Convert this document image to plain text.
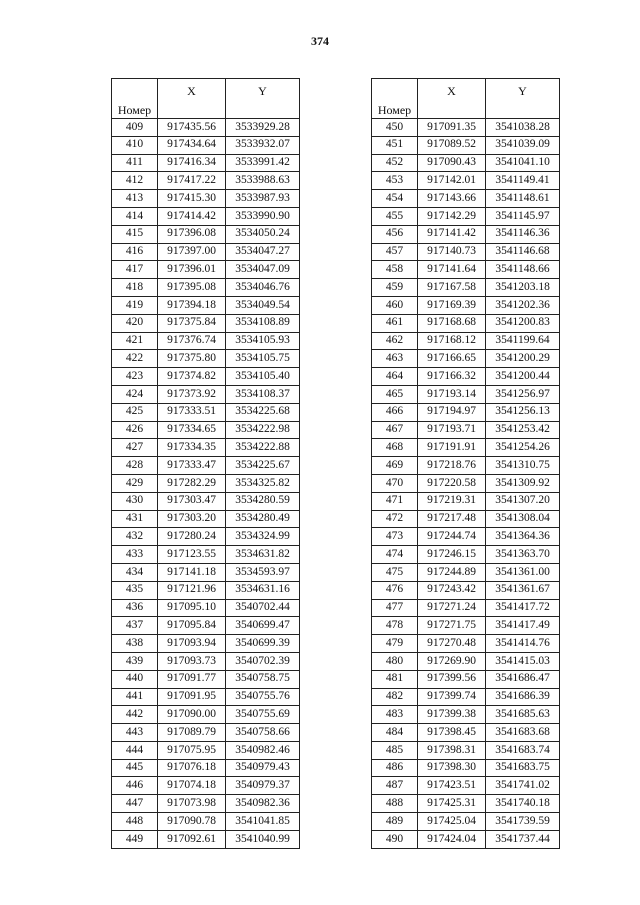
374
Номер	X	Y
409	917435.56	3533929.28
410	917434.64	3533932.07
411	917416.34	3533991.42
412	917417.22	3533988.63
413	917415.30	3533987.93
414	917414.42	3533990.90
415	917396.08	3534050.24
416	917397.00	3534047.27
417	917396.01	3534047.09
418	917395.08	3534046.76
419	917394.18	3534049.54
420	917375.84	3534108.89
421	917376.74	3534105.93
422	917375.80	3534105.75
423	917374.82	3534105.40
424	917373.92	3534108.37
425	917333.51	3534225.68
426	917334.65	3534222.98
427	917334.35	3534222.88
428	917333.47	3534225.67
429	917282.29	3534325.82
430	917303.47	3534280.59
431	917303.20	3534280.49
432	917280.24	3534324.99
433	917123.55	3534631.82
434	917141.18	3534593.97
435	917121.96	3534631.16
436	917095.10	3540702.44
437	917095.84	3540699.47
438	917093.94	3540699.39
439	917093.73	3540702.39
440	917091.77	3540758.75
441	917091.95	3540755.76
442	917090.00	3540755.69
443	917089.79	3540758.66
444	917075.95	3540982.46
445	917076.18	3540979.43
446	917074.18	3540979.37
447	917073.98	3540982.36
448	917090.78	3541041.85
449	917092.61	3541040.99
Номер	X	Y
450	917091.35	3541038.28
451	917089.52	3541039.09
452	917090.43	3541041.10
453	917142.01	3541149.41
454	917143.66	3541148.61
455	917142.29	3541145.97
456	917141.42	3541146.36
457	917140.73	3541146.68
458	917141.64	3541148.66
459	917167.58	3541203.18
460	917169.39	3541202.36
461	917168.68	3541200.83
462	917168.12	3541199.64
463	917166.65	3541200.29
464	917166.32	3541200.44
465	917193.14	3541256.97
466	917194.97	3541256.13
467	917193.71	3541253.42
468	917191.91	3541254.26
469	917218.76	3541310.75
470	917220.58	3541309.92
471	917219.31	3541307.20
472	917217.48	3541308.04
473	917244.74	3541364.36
474	917246.15	3541363.70
475	917244.89	3541361.00
476	917243.42	3541361.67
477	917271.24	3541417.72
478	917271.75	3541417.49
479	917270.48	3541414.76
480	917269.90	3541415.03
481	917399.56	3541686.47
482	917399.74	3541686.39
483	917399.38	3541685.63
484	917398.45	3541683.68
485	917398.31	3541683.74
486	917398.30	3541683.75
487	917423.51	3541741.02
488	917425.31	3541740.18
489	917425.04	3541739.59
490	917424.04	3541737.44
